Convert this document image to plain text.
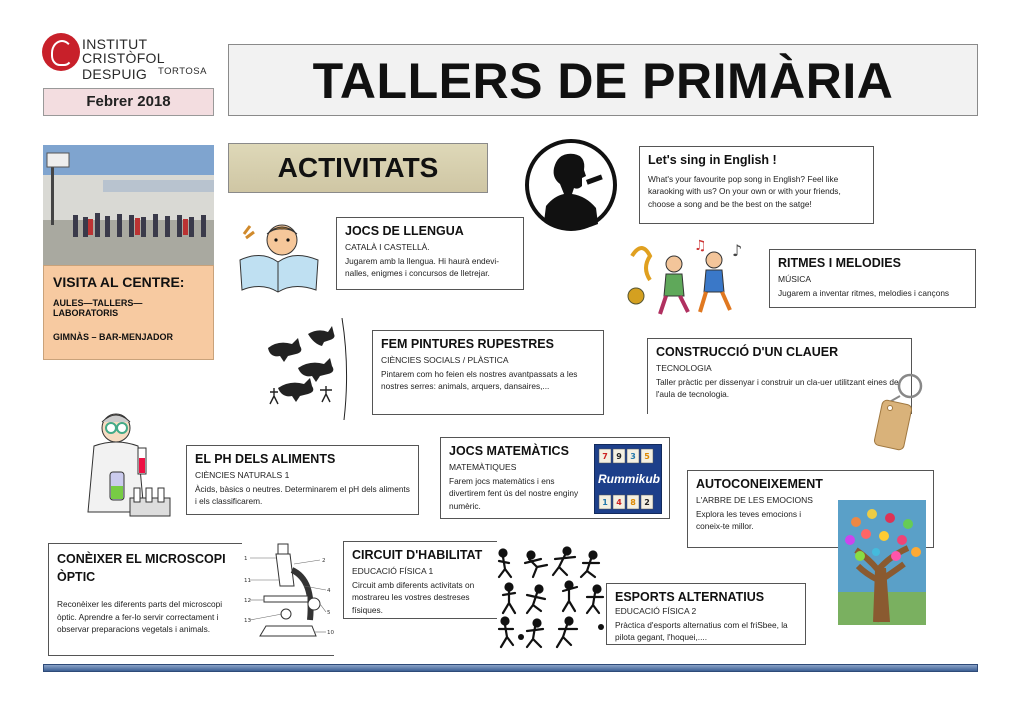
INSTITUT
CRISTÒFOL DESPUIG	TORTOSA
Febrer 2018	TALLERS DE PRIMÀRIA
VISITA AL CENTRE:
AULES—TALLERS—LABORATORIS
GIMNÀS – BAR-MENJADOR
ACTIVITATS	Let's sing in English !
What's your favourite pop song in English? Feel like karaoking with us? On your own or with your friends, choose a song and be the best on the satge!
JOCS DE LLENGUA
CATALÀ I CASTELLÀ.
Jugarem amb la llengua. Hi haurà endevi-nalles, enigmes i concursos de lletrejar.
♪
♫
RITMES I MELODIES
MÚSICA
Jugarem a inventar ritmes, melodies i cançons
FEM PINTURES RUPESTRES
CIÈNCIES SOCIALS / PLÀSTICA
Pintarem com ho feien els nostres avantpassats a les nostres serres: animals, arquers, dansaires,...
CONSTRUCCIÓ D'UN CLAUER
TECNOLOGIA
Taller pràctic per dissenyar i construir un cla-uer utilitzant eines de l'aula de tecnologia.
EL PH DELS ALIMENTS
CIÈNCIES NATURALS 1
Àcids, bàsics o neutres. Determinarem el pH dels aliments i els classificarem.
JOCS MATEMÀTICS
MATEMÀTIQUES
Farem jocs matemàtics i ens divertirem fent ús del nostre enginy numèric.
7 9 3 5
1 4 8 2
Rummikub	AUTOCONEIXEMENT
L'ARBRE DE LES EMOCIONS
Explora les teves emocions i coneix-te millor.
CONÈIXER EL MICROSCOPI ÒPTIC
Reconèixer les diferents parts del microscopi òptic. Aprendre a fer-lo servir correctament i observar preparacions vegetals i animals.
1
11
12
13
2
4
5
10
CIRCUIT D'HABILITAT
EDUCACIÓ FÍSICA 1
Circuit amb diferents activitats on mostrareu les vostres destreses físiques.
ESPORTS ALTERNATIUS
EDUCACIÓ FÍSICA 2
Pràctica d'esports alternatius com el friSbee, la pilota gegant, l'hoquei,....
